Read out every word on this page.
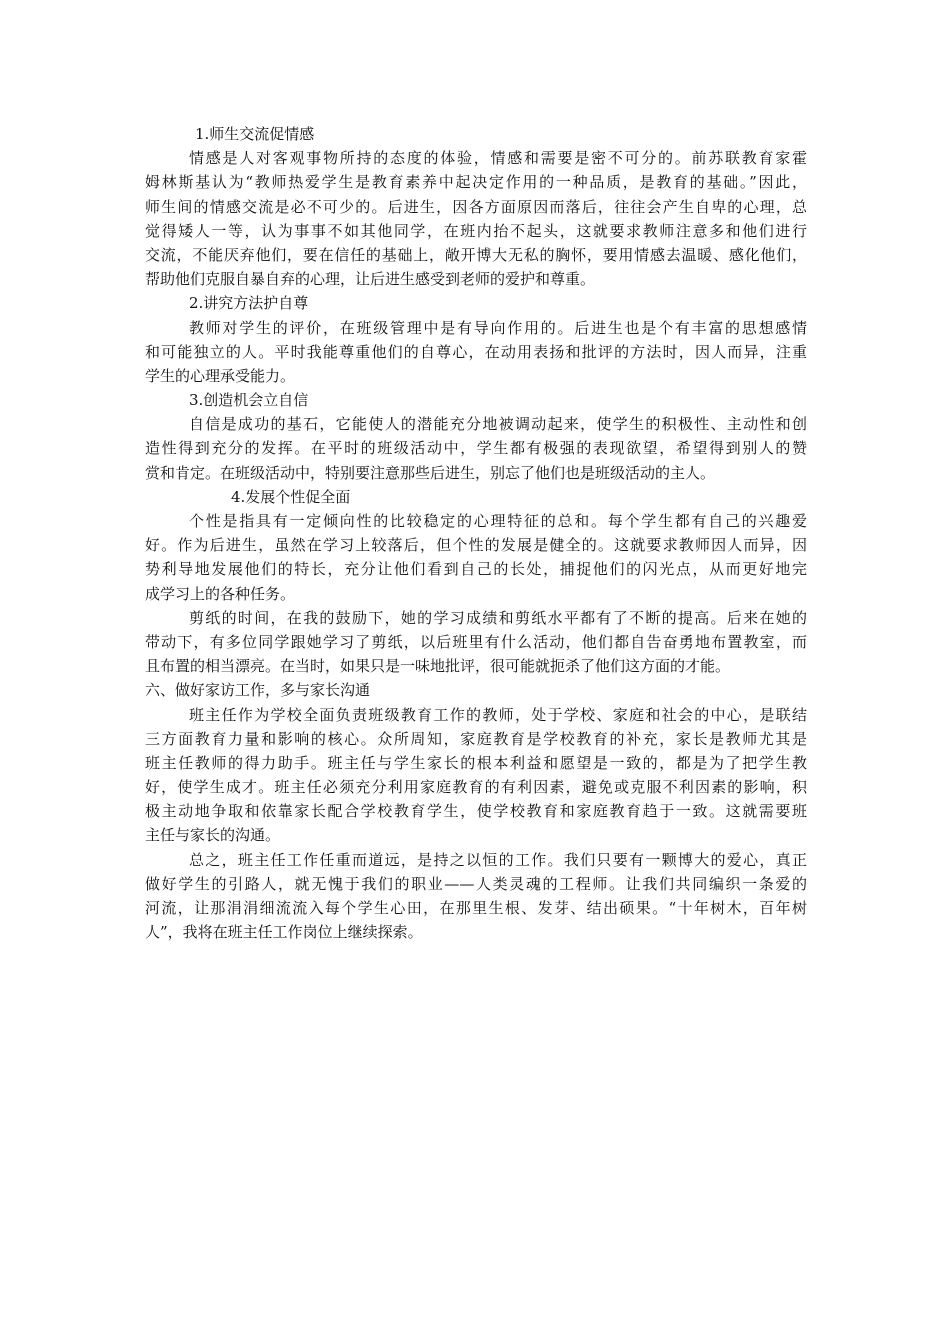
1.师生交流促情感
情感是人对客观事物所持的态度的体验，情感和需要是密不可分的。前苏联教育家霍
姆林斯基认为“教师热爱学生是教育素养中起决定作用的一种品质，是教育的基础。”因此，
师生间的情感交流是必不可少的。后进生，因各方面原因而落后，往往会产生自卑的心理，总
觉得矮人一等，认为事事不如其他同学，在班内抬不起头，这就要求教师注意多和他们进行
交流，不能厌弃他们，要在信任的基础上，敞开博大无私的胸怀，要用情感去温暖、感化他们，
帮助他们克服自暴自弃的心理，让后进生感受到老师的爱护和尊重。
2.讲究方法护自尊
教师对学生的评价，在班级管理中是有导向作用的。后进生也是个有丰富的思想感情
和可能独立的人。平时我能尊重他们的自尊心，在动用表扬和批评的方法时，因人而异，注重
学生的心理承受能力。
3.创造机会立自信
自信是成功的基石，它能使人的潜能充分地被调动起来，使学生的积极性、主动性和创
造性得到充分的发挥。在平时的班级活动中，学生都有极强的表现欲望，希望得到别人的赞
赏和肯定。在班级活动中，特别要注意那些后进生，别忘了他们也是班级活动的主人。
4.发展个性促全面
个性是指具有一定倾向性的比较稳定的心理特征的总和。每个学生都有自己的兴趣爱
好。作为后进生，虽然在学习上较落后，但个性的发展是健全的。这就要求教师因人而异，因
势利导地发展他们的特长，充分让他们看到自己的长处，捕捉他们的闪光点，从而更好地完
成学习上的各种任务。
剪纸的时间，在我的鼓励下，她的学习成绩和剪纸水平都有了不断的提高。后来在她的
带动下，有多位同学跟她学习了剪纸，以后班里有什么活动，他们都自告奋勇地布置教室，而
且布置的相当漂亮。在当时，如果只是一味地批评，很可能就扼杀了他们这方面的才能。
六、做好家访工作，多与家长沟通
班主任作为学校全面负责班级教育工作的教师，处于学校、家庭和社会的中心，是联结
三方面教育力量和影响的核心。众所周知，家庭教育是学校教育的补充，家长是教师尤其是
班主任教师的得力助手。班主任与学生家长的根本利益和愿望是一致的，都是为了把学生教
好，使学生成才。班主任必须充分利用家庭教育的有利因素，避免或克服不利因素的影响，积
极主动地争取和依靠家长配合学校教育学生，使学校教育和家庭教育趋于一致。这就需要班
主任与家长的沟通。
总之，班主任工作任重而道远，是持之以恒的工作。我们只要有一颗博大的爱心，真正
做好学生的引路人，就无愧于我们的职业——人类灵魂的工程师。让我们共同编织一条爱的
河流，让那涓涓细流流入每个学生心田，在那里生根、发芽、结出硕果。“十年树木，百年树
人”，我将在班主任工作岗位上继续探索。
